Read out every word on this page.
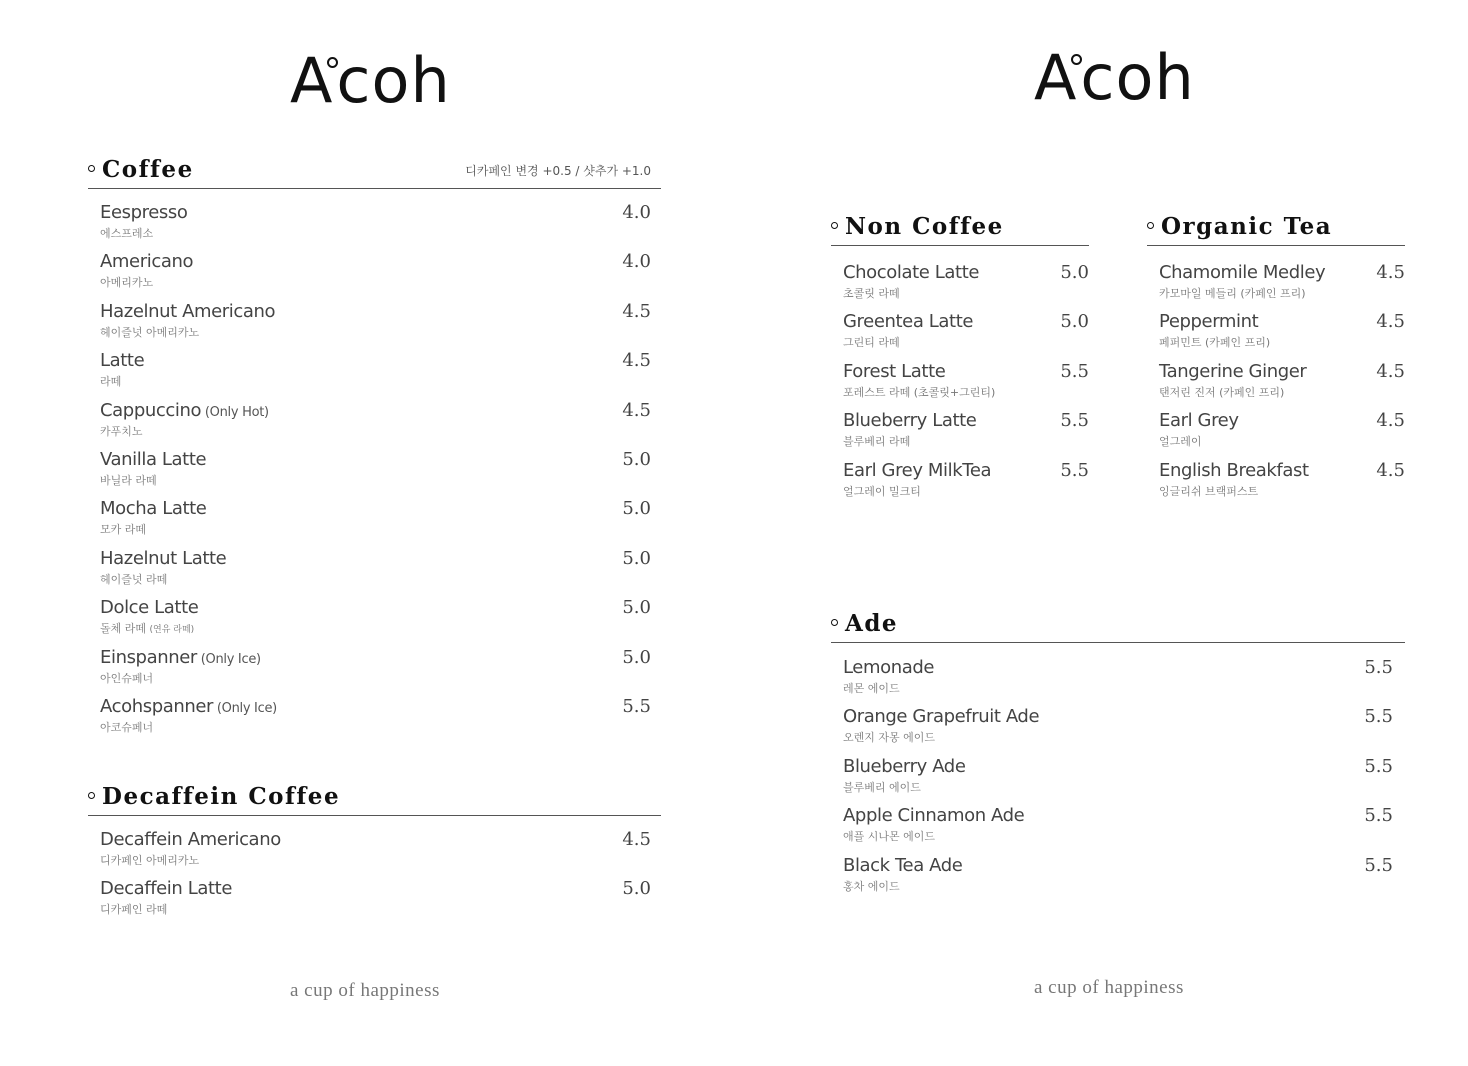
Acoh
Coffee	디카페인 변경 +0.5 / 샷추가 +1.0
Eespresso
에스프레소
4.0
Americano
아메리카노
4.0
Hazelnut Americano
헤이즐넛 아메리카노
4.5
Latte
라떼
4.5
Cappuccino (Only Hot)
카푸치노
4.5
Vanilla Latte
바닐라 라떼
5.0
Mocha Latte
모카 라떼
5.0
Hazelnut Latte
헤이즐넛 라떼
5.0
Dolce Latte
돌체 라떼 (연유 라떼)
5.0
Einspanner (Only Ice)
아인슈페너
5.0
Acohspanner (Only Ice)
아코슈페너
5.5
Decaffein Coffee
Decaffein Americano
디카페인 아메리카노
4.5
Decaffein Latte
디카페인 라떼
5.0
a cup of happiness
Acoh
Non Coffee
Chocolate Latte
초콜릿 라떼
5.0
Greentea Latte
그린티 라떼
5.0
Forest Latte
포레스트 라떼 (초콜릿+그린티)
5.5
Blueberry Latte
블루베리 라떼
5.5
Earl Grey MilkTea
얼그레이 밀크티
5.5
Organic Tea
Chamomile Medley
카모마일 메들리 (카페인 프리)
4.5
Peppermint
페퍼민트 (카페인 프리)
4.5
Tangerine Ginger
탠저린 진저 (카페인 프리)
4.5
Earl Grey
얼그레이
4.5
English Breakfast
잉글리쉬 브랙퍼스트
4.5
Ade
Lemonade
레몬 에이드
5.5
Orange Grapefruit Ade
오렌지 자몽 에이드
5.5
Blueberry Ade
블루베리 에이드
5.5
Apple Cinnamon Ade
애플 시나몬 에이드
5.5
Black Tea Ade
홍차 에이드
5.5
a cup of happiness
